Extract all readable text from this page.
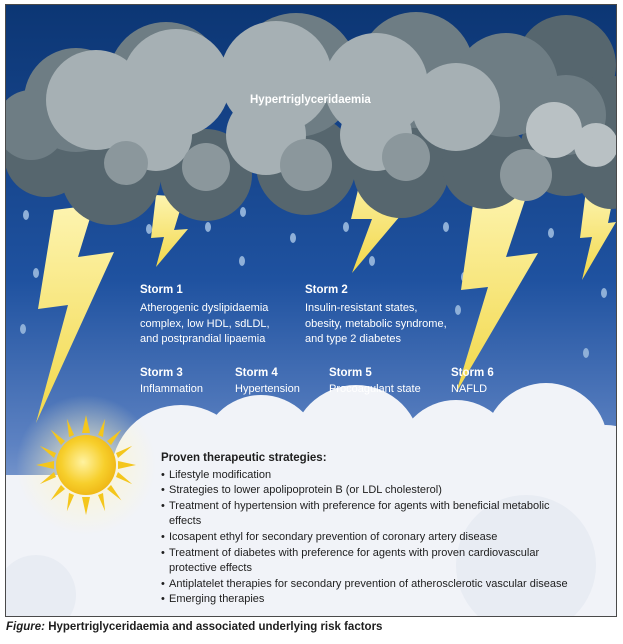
Hypertriglyceridaemia
Storm 1
Atherogenic dyslipidaemia
complex, low HDL, sdLDL,
and postprandial lipaemia
Storm 2
Insulin-resistant states,
obesity, metabolic syndrome,
and type 2 diabetes
Storm 3
Inflammation
Storm 4
Hypertension
Storm 5
Procoagulant state
Storm 6
NAFLD
Proven therapeutic strategies:
• Lifestyle modification
• Strategies to lower apolipoprotein B (or LDL cholesterol)
• Treatment of hypertension with preference for agents with beneficial metabolic effects
• Icosapent ethyl for secondary prevention of coronary artery disease
• Treatment of diabetes with preference for agents with proven cardiovascular protective effects
• Antiplatelet therapies for secondary prevention of atherosclerotic vascular disease
• Emerging therapies
Figure: Hypertriglyceridaemia and associated underlying risk factors
